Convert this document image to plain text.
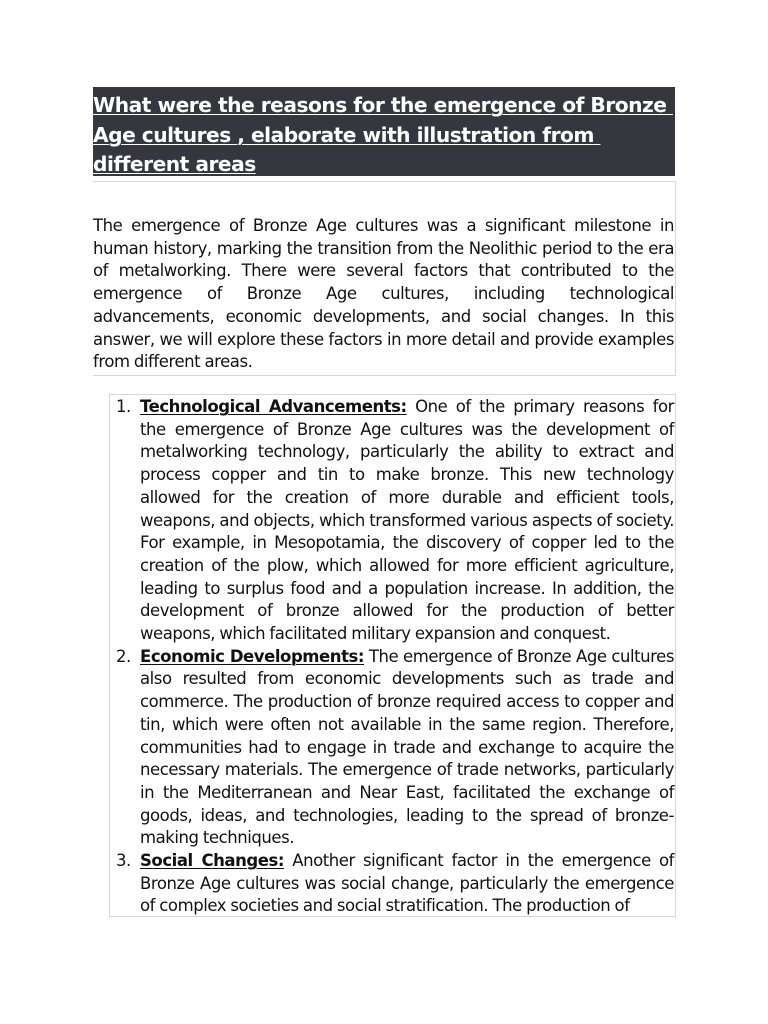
What were the reasons for the emergence of Bronze Age cultures , elaborate with illustration from different areas

The emergence of Bronze Age cultures was a significant milestone in human history, marking the transition from the Neolithic period to the era of metalworking. There were several factors that contributed to the emergence of Bronze Age cultures, including technological advancements, economic developments, and social changes. In this answer, we will explore these factors in more detail and provide examples from different areas.

1. Technological Advancements: One of the primary reasons for the emergence of Bronze Age cultures was the development of metalworking technology, particularly the ability to extract and process copper and tin to make bronze. This new technology allowed for the creation of more durable and efficient tools, weapons, and objects, which transformed various aspects of society. For example, in Mesopotamia, the discovery of copper led to the creation of the plow, which allowed for more efficient agriculture, leading to surplus food and a population increase. In addition, the development of bronze allowed for the production of better weapons, which facilitated military expansion and conquest.
2. Economic Developments: The emergence of Bronze Age cultures also resulted from economic developments such as trade and commerce. The production of bronze required access to copper and tin, which were often not available in the same region. Therefore, communities had to engage in trade and exchange to acquire the necessary materials. The emergence of trade networks, particularly in the Mediterranean and Near East, facilitated the exchange of goods, ideas, and technologies, leading to the spread of bronze-making techniques.
3. Social Changes: Another significant factor in the emergence of Bronze Age cultures was social change, particularly the emergence of complex societies and social stratification. The production of
